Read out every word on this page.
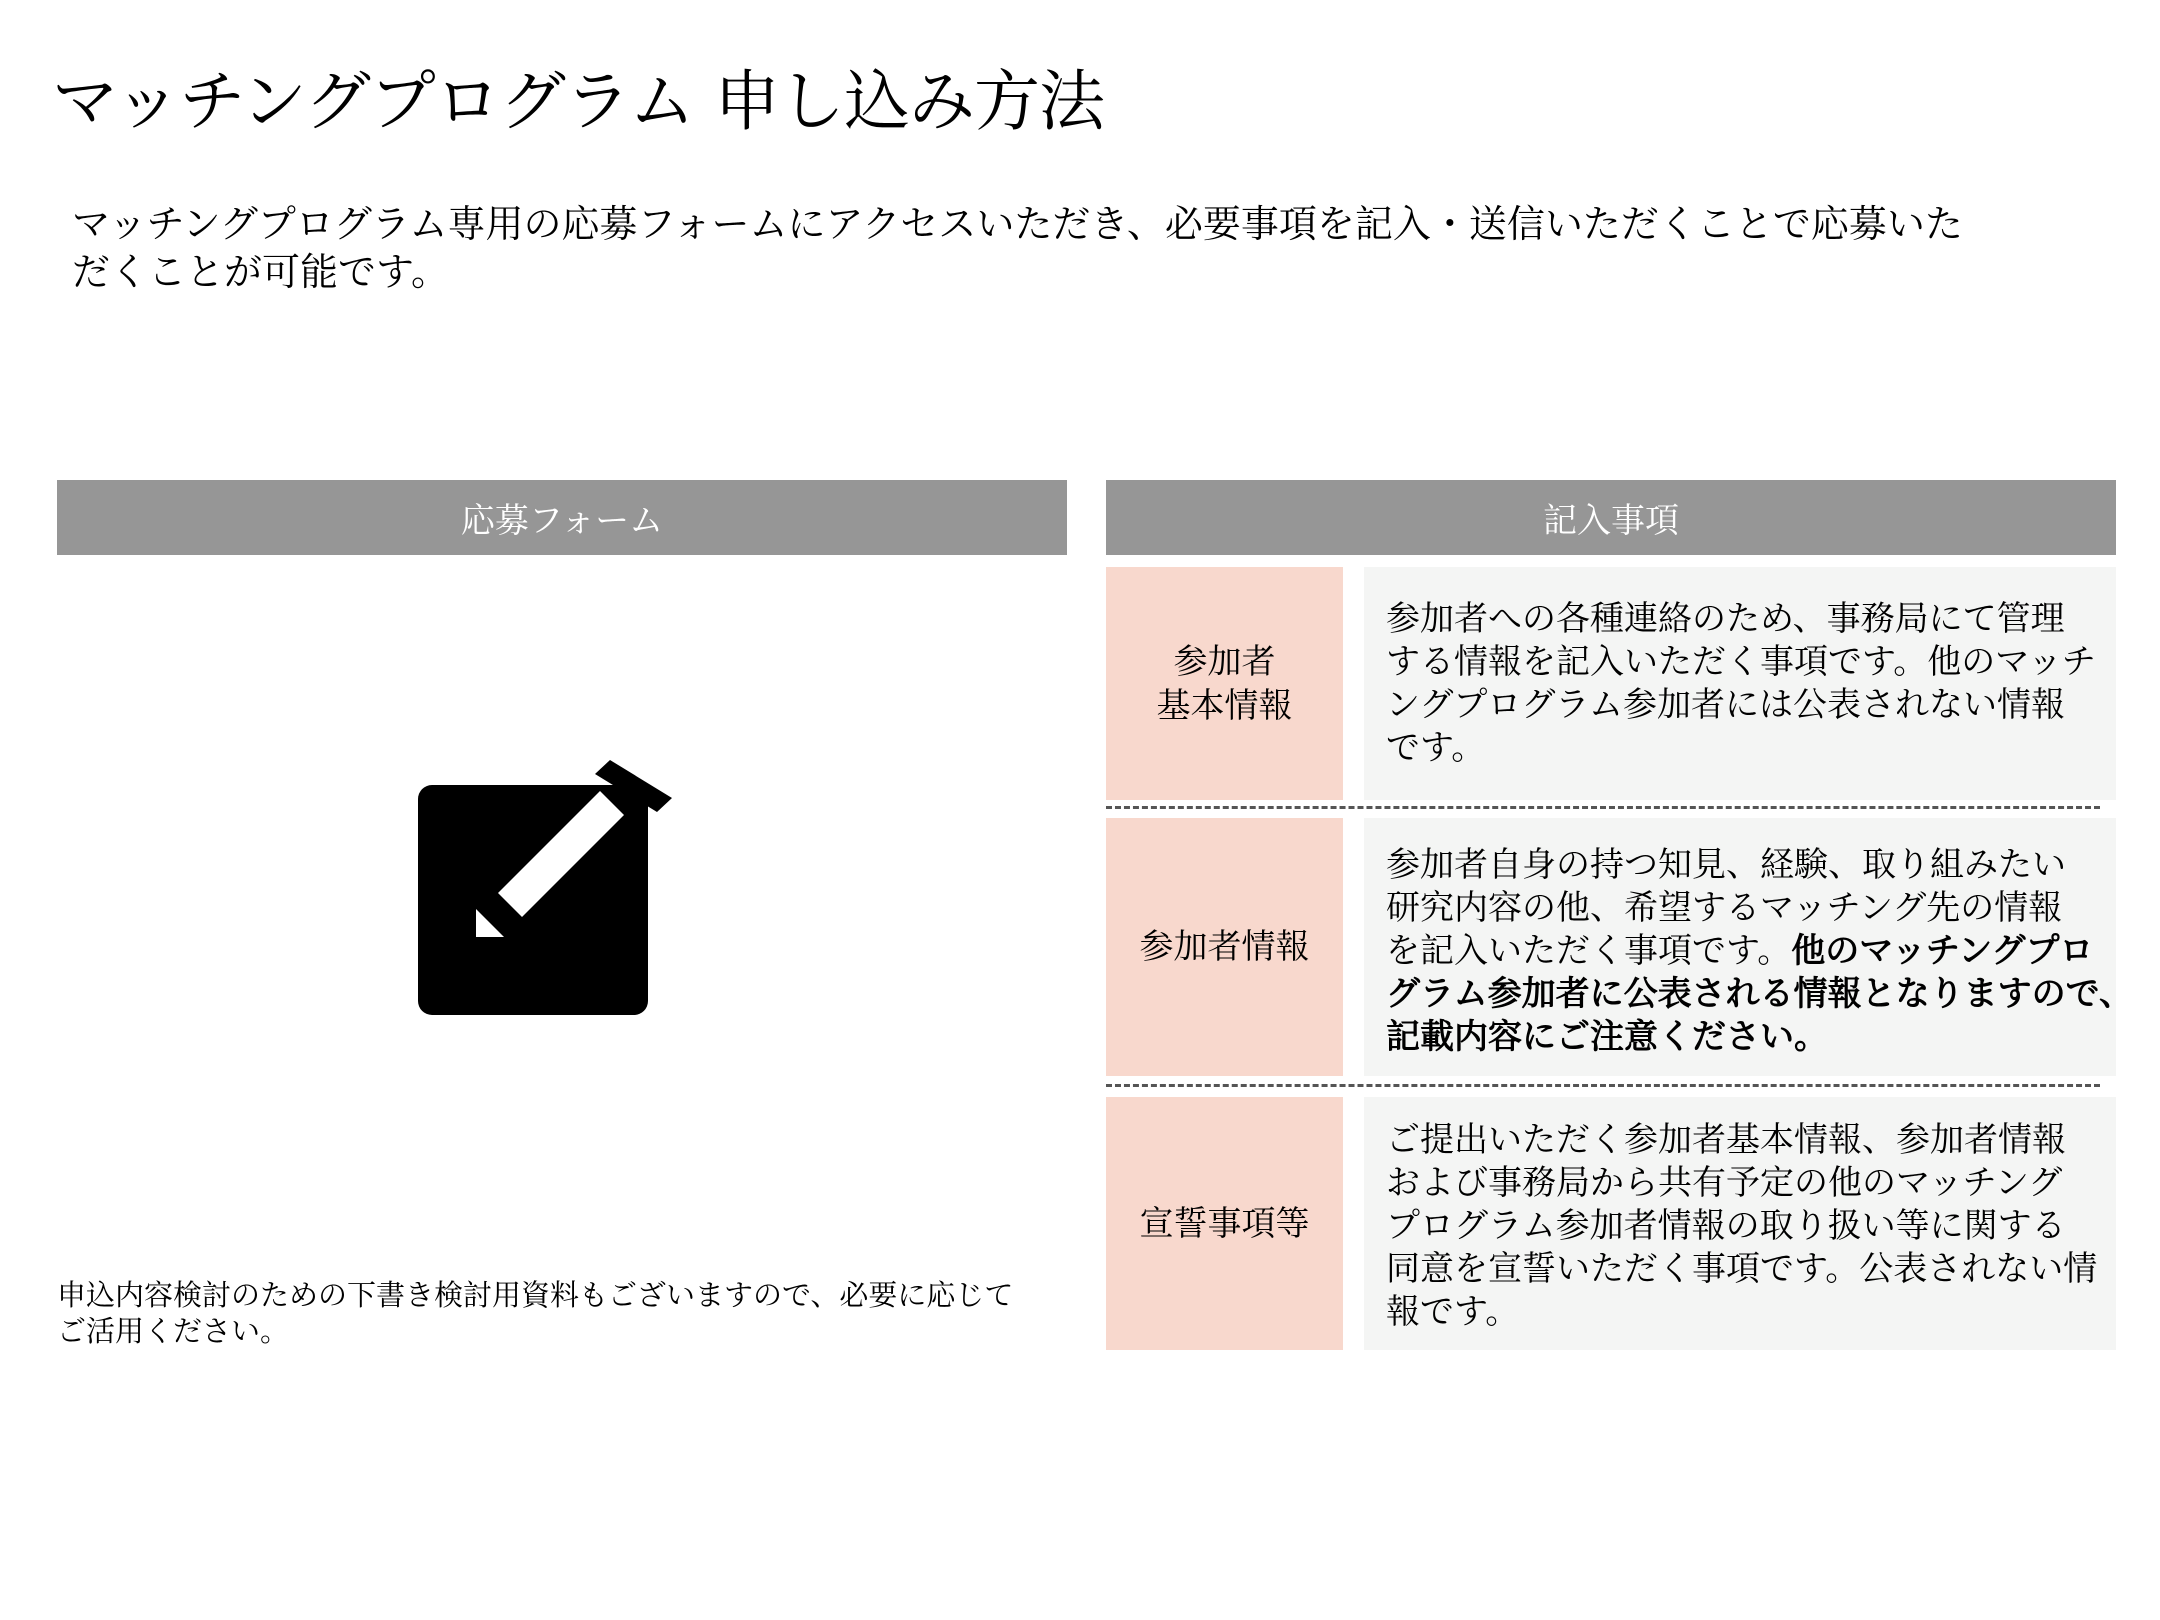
マッチングプログラム 申し込み方法
マッチングプログラム専用の応募フォームにアクセスいただき、必要事項を記入・送信いただくことで応募いた
だくことが可能です。
応募フォーム	記入事項
申込内容検討のための下書き検討用資料もございますので、必要に応じて
ご活用ください。
参加者
基本情報
参加者への各種連絡のため、事務局にて管理
する情報を記入いただく事項です。他のマッチ
ングプログラム参加者には公表されない情報
です。
参加者情報
参加者自身の持つ知見、経験、取り組みたい
研究内容の他、希望するマッチング先の情報
を記入いただく事項です。他のマッチングプロ
グラム参加者に公表される情報となりますので、
記載内容にご注意ください。
宣誓事項等
ご提出いただく参加者基本情報、参加者情報
および事務局から共有予定の他のマッチング
プログラム参加者情報の取り扱い等に関する
同意を宣誓いただく事項です。公表されない情
報です。
